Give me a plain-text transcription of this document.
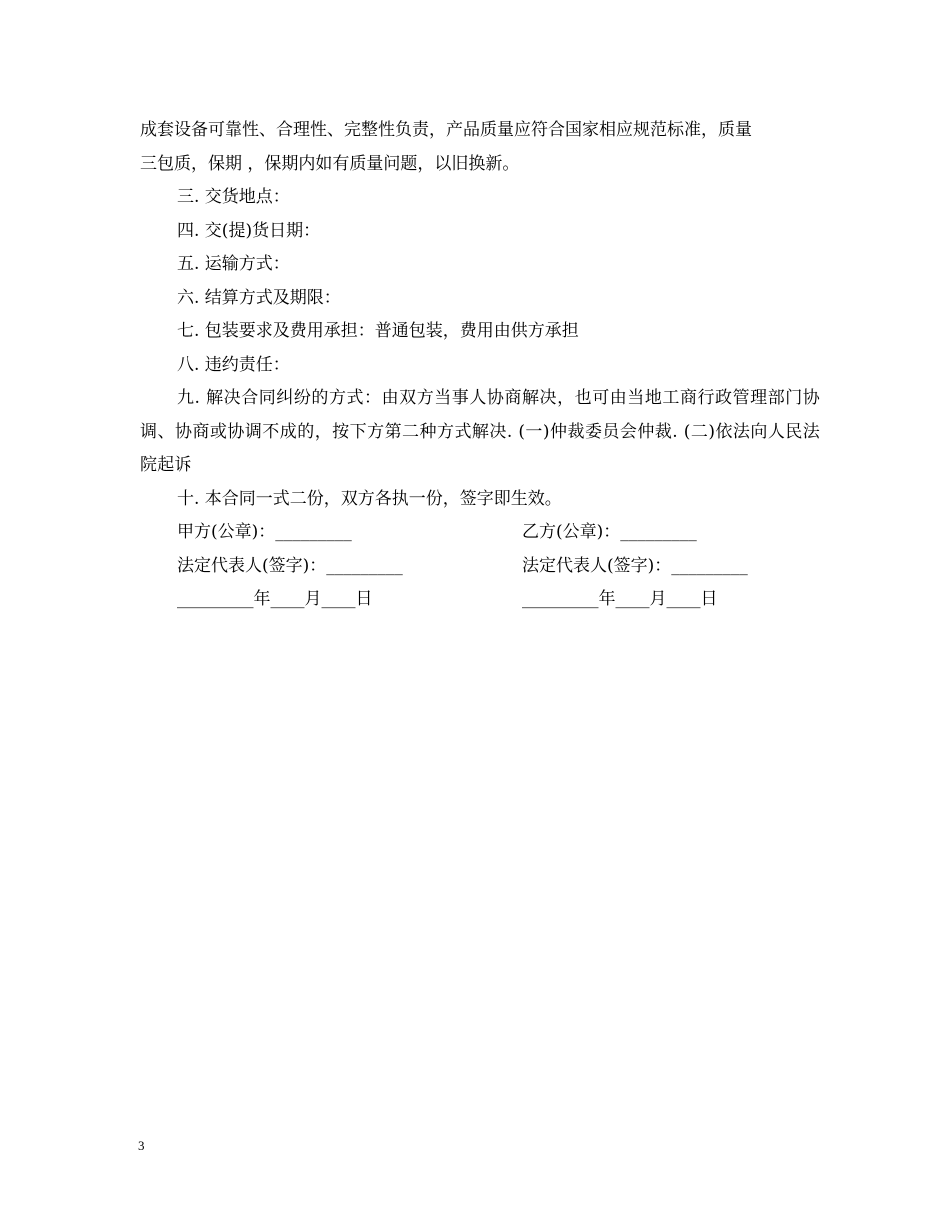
成套设备可靠性、合理性、完整性负责，产品质量应符合国家相应规范标准，质量
三包质，保期 ，保期内如有质量问题，以旧换新。
三. 交货地点：
四. 交(提)货日期：
五. 运输方式：
六. 结算方式及期限：
七. 包装要求及费用承担：普通包装，费用由供方承担
八. 违约责任：
九. 解决合同纠纷的方式：由双方当事人协商解决，也可由当地工商行政管理部门协调、协商或协调不成的，按下方第二种方式解决. (一)仲裁委员会仲裁. (二)依法向人民法院起诉
十. 本合同一式二份，双方各执一份，签字即生效。
甲方(公章)：_________	乙方(公章)：_________
法定代表人(签字)：_________	法定代表人(签字)：_________
_________年____月____日	_________年____月____日
3
